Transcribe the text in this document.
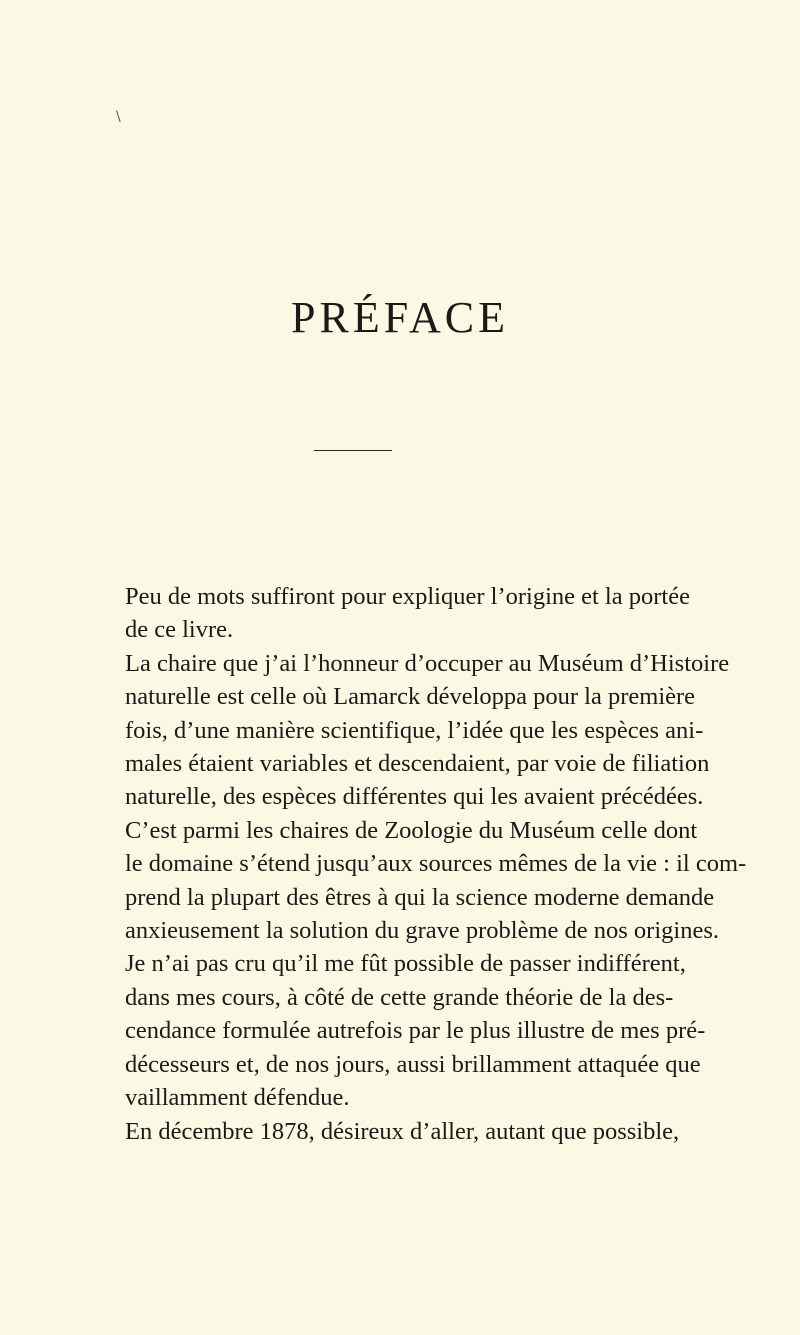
\
PRÉFACE

Peu de mots suffiront pour expliquer l’origine et la portée
de ce livre.

La chaire que j’ai l’honneur d’occuper au Muséum d’Histoire
naturelle est celle où Lamarck développa pour la première
fois, d’une manière scientifique, l’idée que les espèces ani-
males étaient variables et descendaient, par voie de filiation
naturelle, des espèces différentes qui les avaient précédées.
C’est parmi les chaires de Zoologie du Muséum celle dont
le domaine s’étend jusqu’aux sources mêmes de la vie : il com-
prend la plupart des êtres à qui la science moderne demande
anxieusement la solution du grave problème de nos origines.
Je n’ai pas cru qu’il me fût possible de passer indifférent,
dans mes cours, à côté de cette grande théorie de la des-
cendance formulée autrefois par le plus illustre de mes pré-
décesseurs et, de nos jours, aussi brillamment attaquée que
vaillamment défendue.

En décembre 1878, désireux d’aller, autant que possible,
